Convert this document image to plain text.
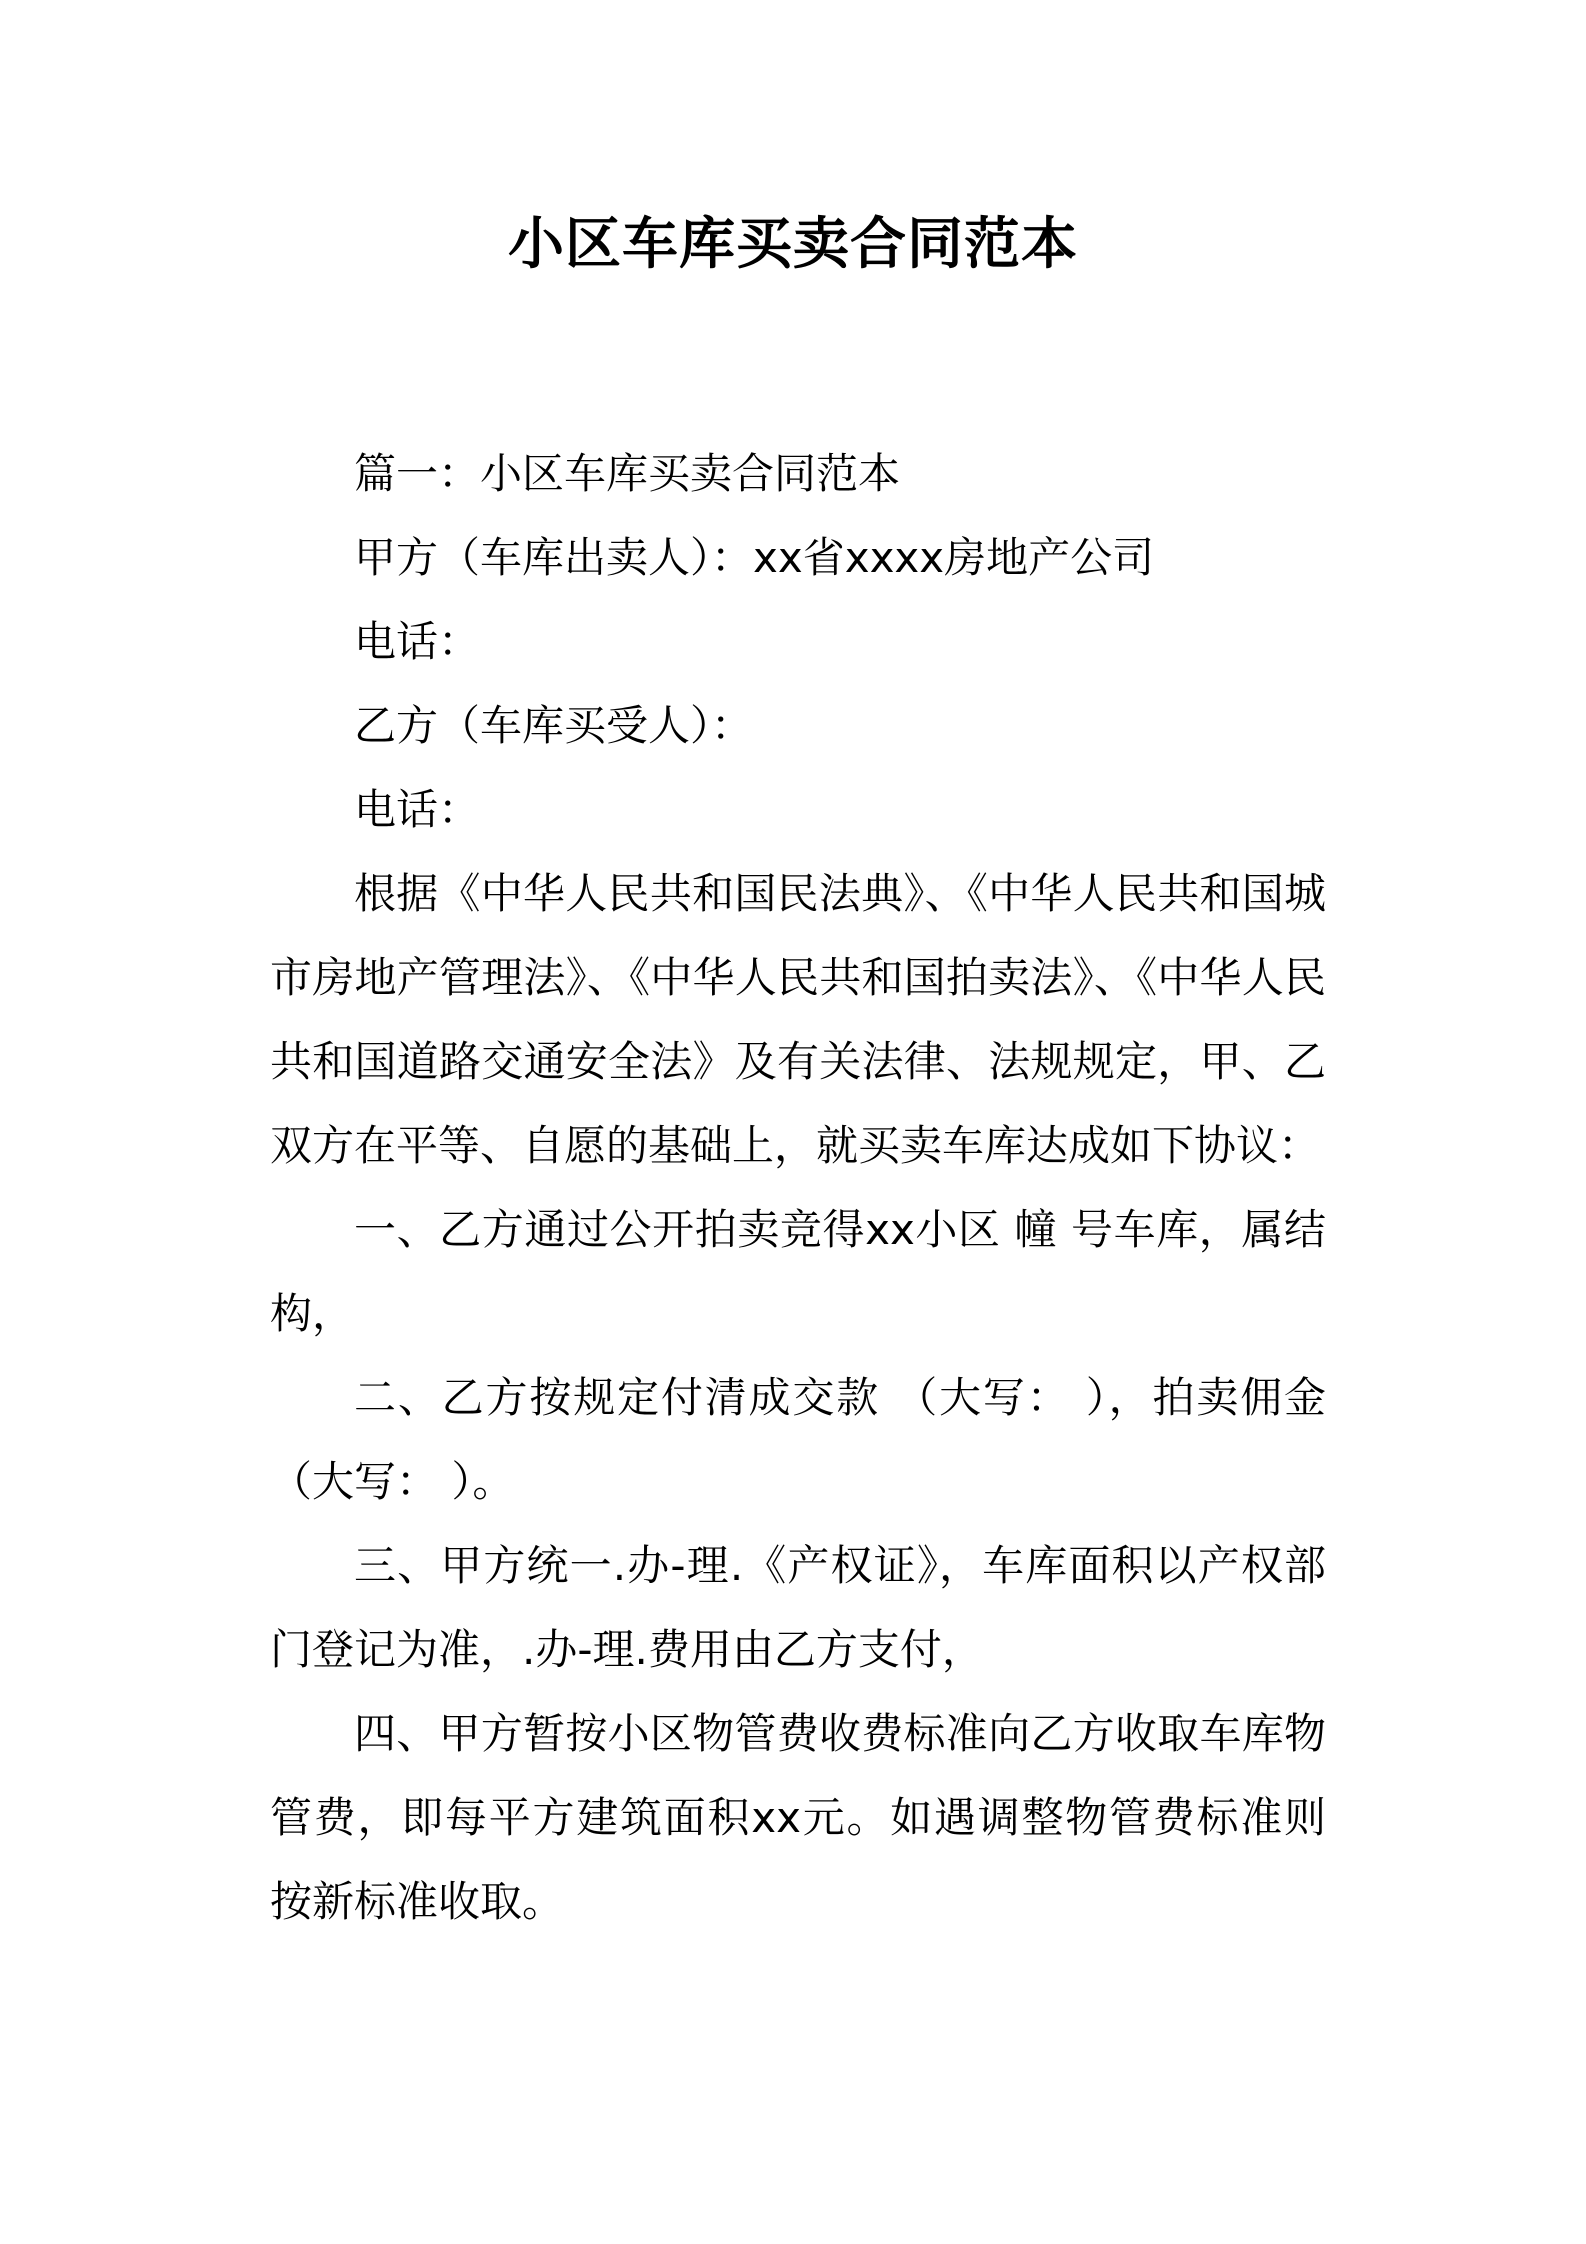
小区车库买卖合同范本

篇一：小区车库买卖合同范本

甲方（车库出卖人）：xx省xxxx房地产公司

电话：

乙方（车库买受人）：

电话：

根据《中华人民共和国民法典》、《中华人民共和国城市房地产管理法》、《中华人民共和国拍卖法》、《中华人民共和国道路交通安全法》及有关法律、法规规定，甲、乙双方在平等、自愿的基础上，就买卖车库达成如下协议：

一、乙方通过公开拍卖竞得xx小区 幢 号车库，属结构，

二、乙方按规定付清成交款 （大写： ），拍卖佣金（大写： ）。

三、甲方统一.办-理.《产权证》，车库面积以产权部门登记为准，.办-理.费用由乙方支付，

四、甲方暂按小区物管费收费标准向乙方收取车库物管费，即每平方建筑面积xx元。如遇调整物管费标准则按新标准收取。
